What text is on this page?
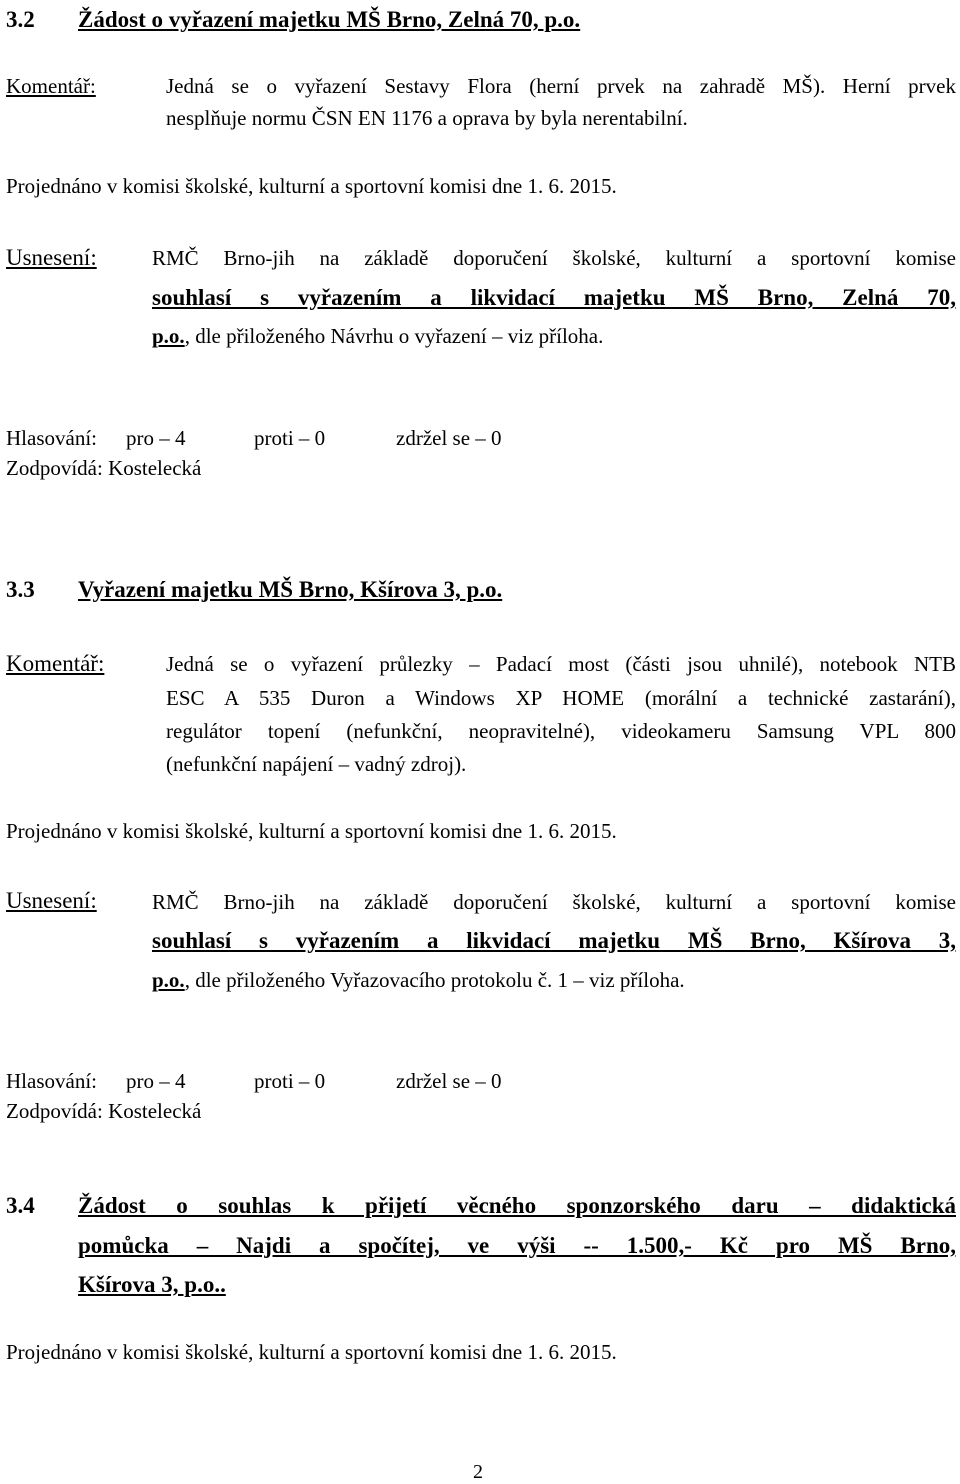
3.2 Žádost o vyřazení majetku MŠ Brno, Zelná 70, p.o.
Komentář:	Jedná se o vyřazení Sestavy Flora (herní prvek na zahradě MŠ). Herní prvek
nesplňuje normu ČSN EN 1176 a oprava by byla nerentabilní.
Projednáno v komisi školské, kulturní a sportovní komisi dne 1. 6. 2015.
Usnesení:	RMČ Brno-jih na základě doporučení školské, kulturní a sportovní komise
souhlasí s vyřazením a likvidací majetku MŠ Brno, Zelná 70,
p.o., dle přiloženého Návrhu o vyřazení – viz příloha.
Hlasování: pro – 4	proti – 0	zdržel se – 0
Zodpovídá: Kostelecká
3.3 Vyřazení majetku MŠ Brno, Kšírova 3, p.o.
Komentář:	Jedná se o vyřazení průlezky – Padací most (části jsou uhnilé), notebook NTB
ESC A 535 Duron a Windows XP HOME (morální a technické zastarání),
regulátor topení (nefunkční, neopravitelné), videokameru Samsung VPL 800
(nefunkční napájení – vadný zdroj).
Projednáno v komisi školské, kulturní a sportovní komisi dne 1. 6. 2015.
Usnesení:	RMČ Brno-jih na základě doporučení školské, kulturní a sportovní komise
souhlasí s vyřazením a likvidací majetku MŠ Brno, Kšírova 3,
p.o., dle přiloženého Vyřazovacího protokolu č. 1 – viz příloha.
Hlasování: pro – 4	proti – 0	zdržel se – 0
Zodpovídá: Kostelecká
3.4 Žádost o souhlas k přijetí věcného sponzorského daru – didaktická
pomůcka – Najdi a spočítej, ve výši -- 1.500,- Kč pro MŠ Brno,
Kšírova 3, p.o..
Projednáno v komisi školské, kulturní a sportovní komisi dne 1. 6. 2015.
2
